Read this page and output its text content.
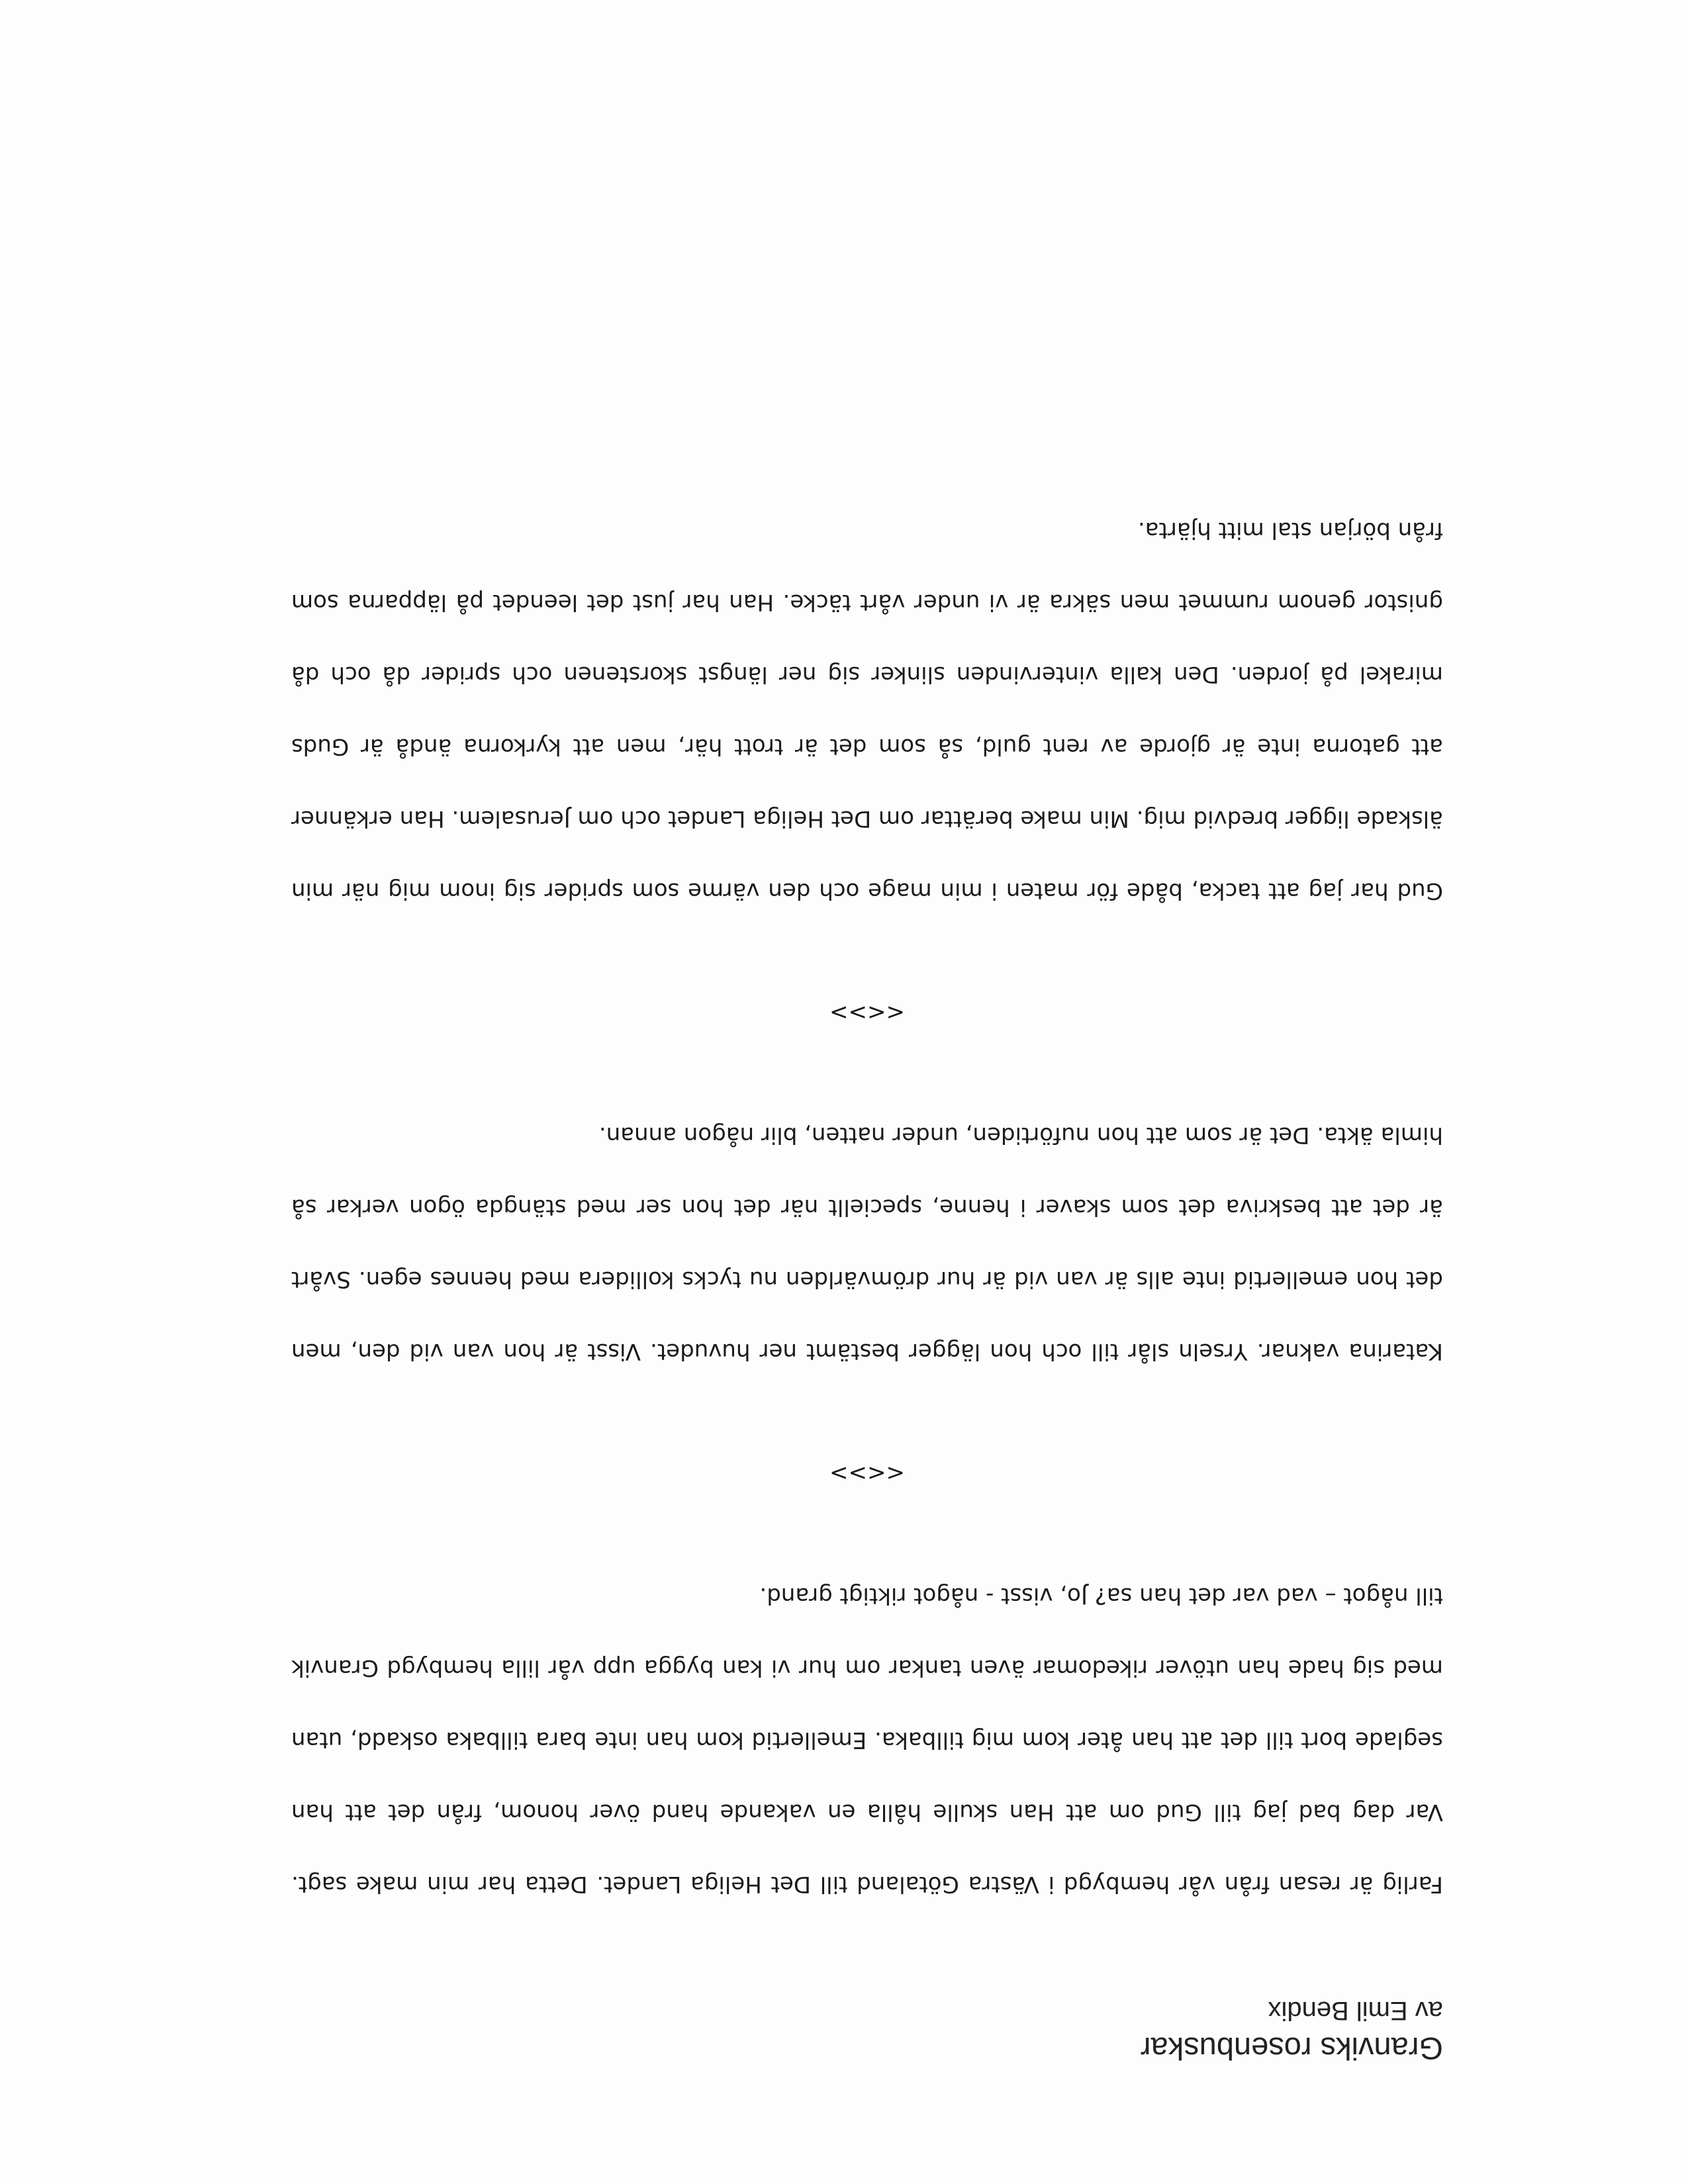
Granviks rosenbuskar
av Emil Bendix

Farlig är resan från vår hembygd i Västra Götaland till Det Heliga Landet. Detta har min make sagt. Var dag bad jag till Gud om att Han skulle hålla en vakande hand över honom, från det att han seglade bort till det att han åter kom mig tillbaka. Emellertid kom han inte bara tillbaka oskadd, utan med sig hade han utöver rikedomar även tankar om hur vi kan bygga upp vår lilla hembygd Granvik till något – vad var det han sa? Jo, visst - något riktigt grand.

<<>>

Katarina vaknar. Yrseln slår till och hon lägger bestämt ner huvudet. Visst är hon van vid den, men det hon emellertid inte alls är van vid är hur drömvärlden nu tycks kollidera med hennes egen. Svårt är det att beskriva det som skaver i henne, speciellt när det hon ser med stängda ögon verkar så himla äkta. Det är som att hon nuförtiden, under natten, blir någon annan.

<<>>

Gud har jag att tacka, både för maten i min mage och den värme som sprider sig inom mig när min älskade ligger bredvid mig. Min make berättar om Det Heliga Landet och om Jerusalem. Han erkänner att gatorna inte är gjorde av rent guld, så som det är trott här, men att kyrkorna ändå är Guds mirakel på jorden. Den kalla vintervinden slinker sig ner längst skorstenen och sprider då och då gnistor genom rummet men säkra är vi under vårt täcke. Han har just det leendet på läpparna som från början stal mitt hjärta.
